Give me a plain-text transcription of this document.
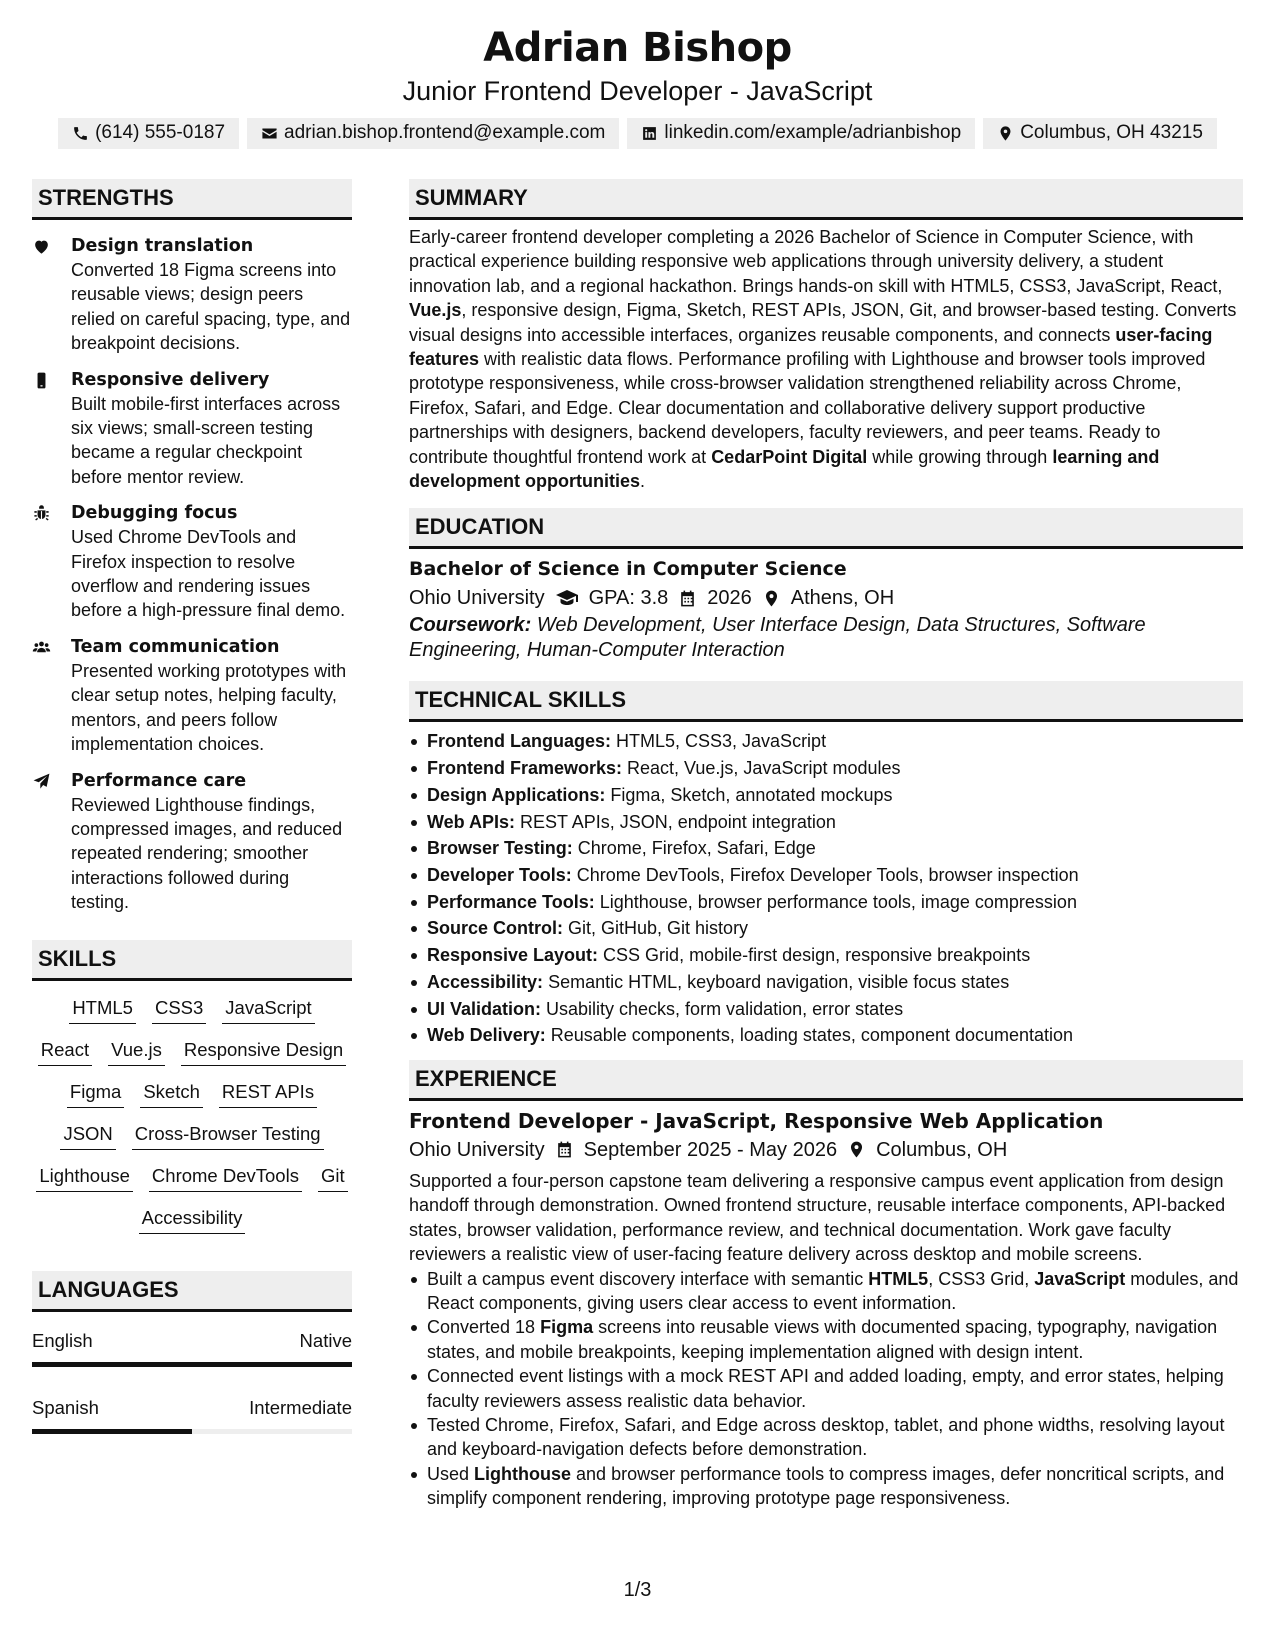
Adrian Bishop
Junior Frontend Developer - JavaScript
(614) 555-0187	adrian.bishop.frontend@example.com	linkedin.com/example/adrianbishop	Columbus, OH 43215
STRENGTHS
Design translation
Converted 18 Figma screens into reusable views; design peers relied on careful spacing, type, and breakpoint decisions.
Responsive delivery
Built mobile-first interfaces across six views; small-screen testing became a regular checkpoint before mentor review.
Debugging focus
Used Chrome DevTools and Firefox inspection to resolve overflow and rendering issues before a high-pressure final demo.
Team communication
Presented working prototypes with clear setup notes, helping faculty, mentors, and peers follow implementation choices.
Performance care
Reviewed Lighthouse findings, compressed images, and reduced repeated rendering; smoother interactions followed during testing.
SKILLS
HTML5 CSS3 JavaScript
React Vue.js Responsive Design
Figma Sketch REST APIs
JSON Cross-Browser Testing
Lighthouse Chrome DevTools Git
Accessibility
LANGUAGES
English	Native
Spanish	Intermediate
SUMMARY
Early-career frontend developer completing a 2026 Bachelor of Science in Computer Science, with practical experience building responsive web applications through university delivery, a student innovation lab, and a regional hackathon. Brings hands-on skill with HTML5, CSS3, JavaScript, React, Vue.js, responsive design, Figma, Sketch, REST APIs, JSON, Git, and browser-based testing. Converts visual designs into accessible interfaces, organizes reusable components, and connects user-facing features with realistic data flows. Performance profiling with Lighthouse and browser tools improved prototype responsiveness, while cross-browser validation strengthened reliability across Chrome, Firefox, Safari, and Edge. Clear documentation and collaborative delivery support productive partnerships with designers, backend developers, faculty reviewers, and peer teams. Ready to contribute thoughtful frontend work at CedarPoint Digital while growing through learning and development opportunities.
EDUCATION
Bachelor of Science in Computer Science
Ohio University GPA: 3.8 2026 Athens, OH
Coursework: Web Development, User Interface Design, Data Structures, Software Engineering, Human-Computer Interaction
TECHNICAL SKILLS
Frontend Languages: HTML5, CSS3, JavaScript
Frontend Frameworks: React, Vue.js, JavaScript modules
Design Applications: Figma, Sketch, annotated mockups
Web APIs: REST APIs, JSON, endpoint integration
Browser Testing: Chrome, Firefox, Safari, Edge
Developer Tools: Chrome DevTools, Firefox Developer Tools, browser inspection
Performance Tools: Lighthouse, browser performance tools, image compression
Source Control: Git, GitHub, Git history
Responsive Layout: CSS Grid, mobile-first design, responsive breakpoints
Accessibility: Semantic HTML, keyboard navigation, visible focus states
UI Validation: Usability checks, form validation, error states
Web Delivery: Reusable components, loading states, component documentation
EXPERIENCE
Frontend Developer - JavaScript, Responsive Web Application
Ohio University September 2025 - May 2026 Columbus, OH
Supported a four-person capstone team delivering a responsive campus event application from design handoff through demonstration. Owned frontend structure, reusable interface components, API-backed states, browser validation, performance review, and technical documentation. Work gave faculty reviewers a realistic view of user-facing feature delivery across desktop and mobile screens.
Built a campus event discovery interface with semantic HTML5, CSS3 Grid, JavaScript modules, and React components, giving users clear access to event information.
Converted 18 Figma screens into reusable views with documented spacing, typography, navigation states, and mobile breakpoints, keeping implementation aligned with design intent.
Connected event listings with a mock REST API and added loading, empty, and error states, helping faculty reviewers assess realistic data behavior.
Tested Chrome, Firefox, Safari, and Edge across desktop, tablet, and phone widths, resolving layout and keyboard-navigation defects before demonstration.
Used Lighthouse and browser performance tools to compress images, defer noncritical scripts, and simplify component rendering, improving prototype page responsiveness.
1/3
